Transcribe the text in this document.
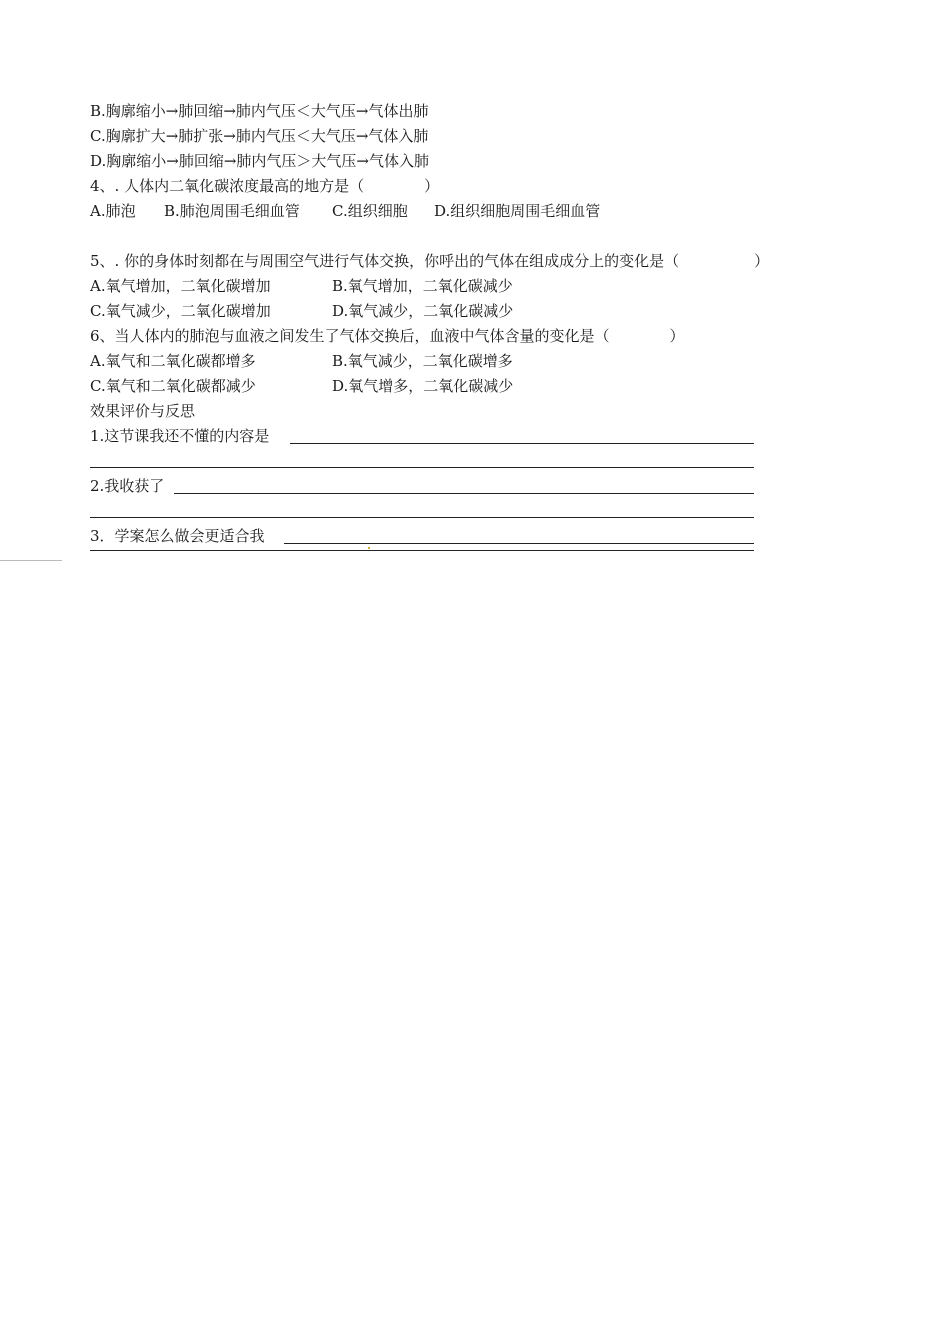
B.胸廓缩小→肺回缩→肺内气压＜大气压→气体出肺
C.胸廓扩大→肺扩张→肺内气压＜大气压→气体入肺
D.胸廓缩小→肺回缩→肺内气压＞大气压→气体入肺
4、. 人体内二氧化碳浓度最高的地方是（　　　　）
A.肺泡 B.肺泡周围毛细血管 C.组织细胞 D.组织细胞周围毛细血管
5、. 你的身体时刻都在与周围空气进行气体交换，你呼出的气体在组成成分上的变化是（　　　　　）
A.氧气增加，二氧化碳增加	B.氧气增加，二氧化碳减少
C.氧气减少，二氧化碳增加	D.氧气减少，二氧化碳减少
6、当人体内的肺泡与血液之间发生了气体交换后，血液中气体含量的变化是（　　　　）
A.氧气和二氧化碳都增多	B.氧气减少，二氧化碳增多
C.氧气和二氧化碳都减少	D.氧气增多，二氧化碳减少
效果评价与反思
1.这节课我还不懂的内容是
2.我收获了
3．学案怎么做会更适合我
